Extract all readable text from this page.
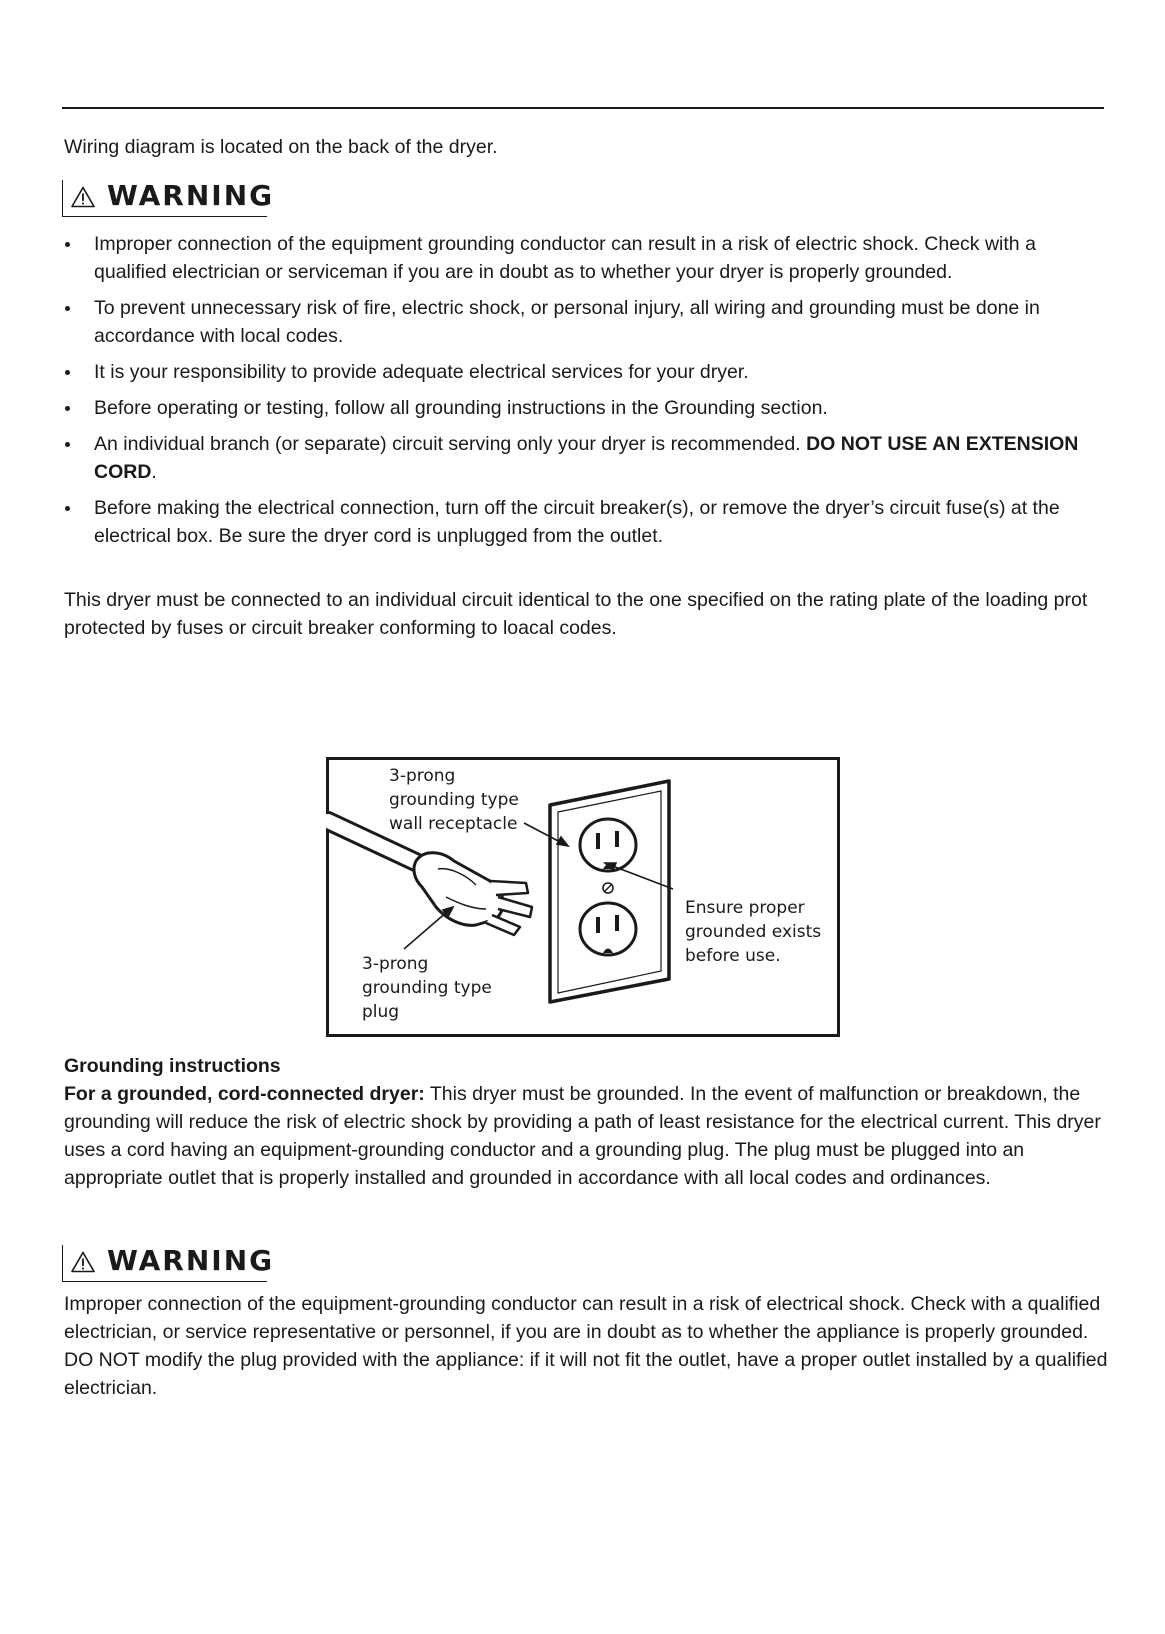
Wiring diagram is located on the back of the dryer.
WARNING
Improper connection of the equipment grounding conductor can result in a risk of electric shock. Check with a qualified electrician or serviceman if you are in doubt as to whether your dryer is properly grounded.
To prevent unnecessary risk of fire, electric shock, or personal injury, all wiring and grounding must be done in accordance with local codes.
It is your responsibility to provide adequate electrical services for your dryer.
Before operating or testing, follow all grounding instructions in the Grounding section.
An individual branch (or separate) circuit serving only your dryer is recommended. DO NOT USE AN EXTENSION CORD.
Before making the electrical connection, turn off the circuit breaker(s), or remove the dryer’s circuit fuse(s) at the electrical box. Be sure the dryer cord is unplugged from the outlet.

This dryer must be connected to an individual circuit identical to the one specified on the rating plate of the loading prot protected by fuses or circuit breaker conforming to loacal codes.

3-prong
grounding type
wall receptacle
3-prong
grounding type
plug
Ensure proper
grounded exists
before use.
Grounding instructions

For a grounded, cord-connected dryer: This dryer must be grounded. In the event of malfunction or breakdown, the grounding will reduce the risk of electric shock by providing a path of least resistance for the electrical current. This dryer uses a cord having an equipment-grounding conductor and a grounding plug. The plug must be plugged into an appropriate outlet that is properly installed and grounded in accordance with all local codes and ordinances.

WARNING

Improper connection of the equipment-grounding conductor can result in a risk of electrical shock. Check with a qualified electrician, or service representative or personnel, if you are in doubt as to whether the appliance is properly grounded. DO NOT modify the plug provided with the appliance: if it will not fit the outlet, have a proper outlet installed by a qualified electrician.
